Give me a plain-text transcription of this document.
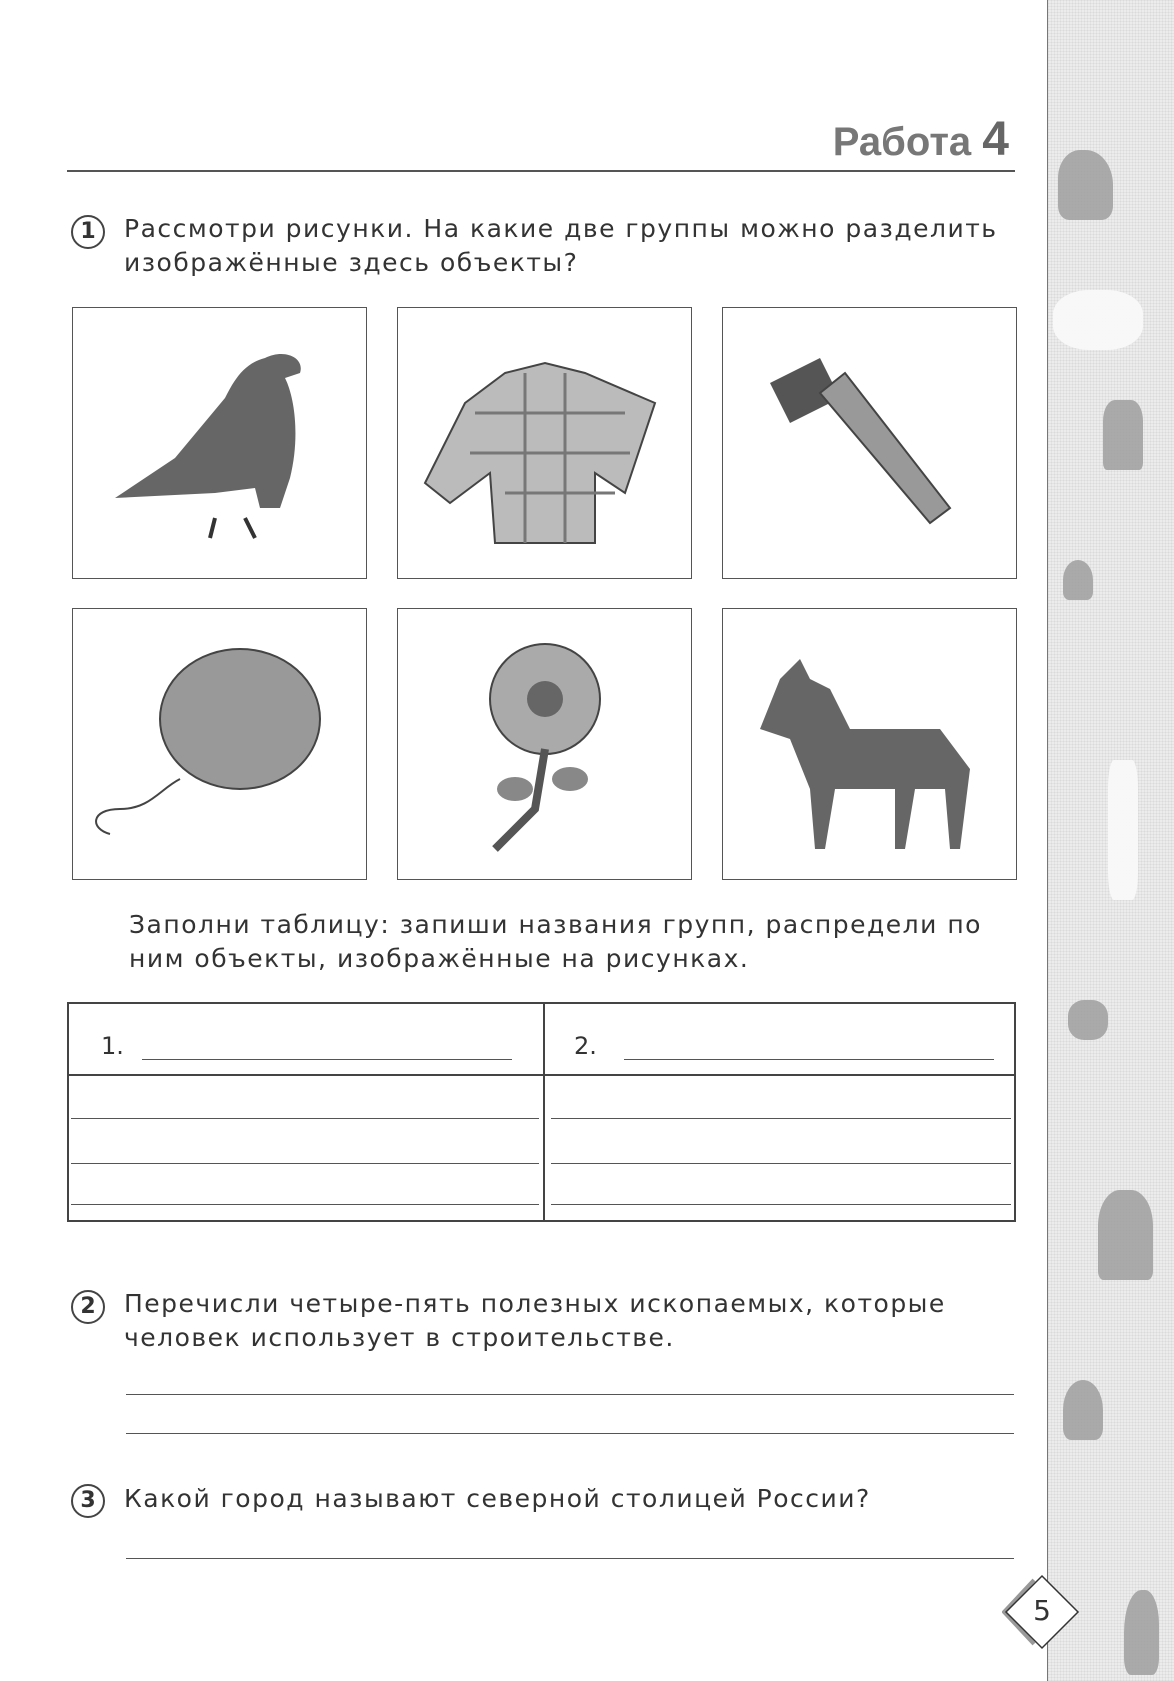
Работа 4
1	Рассмотри рисунки. На какие две группы можно разделить изображённые здесь объекты?
Заполни таблицу: запиши названия групп, распредели по ним объекты, изображённые на рисунках.
1.	2.
2	Перечисли четыре-пять полезных ископаемых, которые человек использует в строительстве.
3	Какой город называют северной столицей России?
5
